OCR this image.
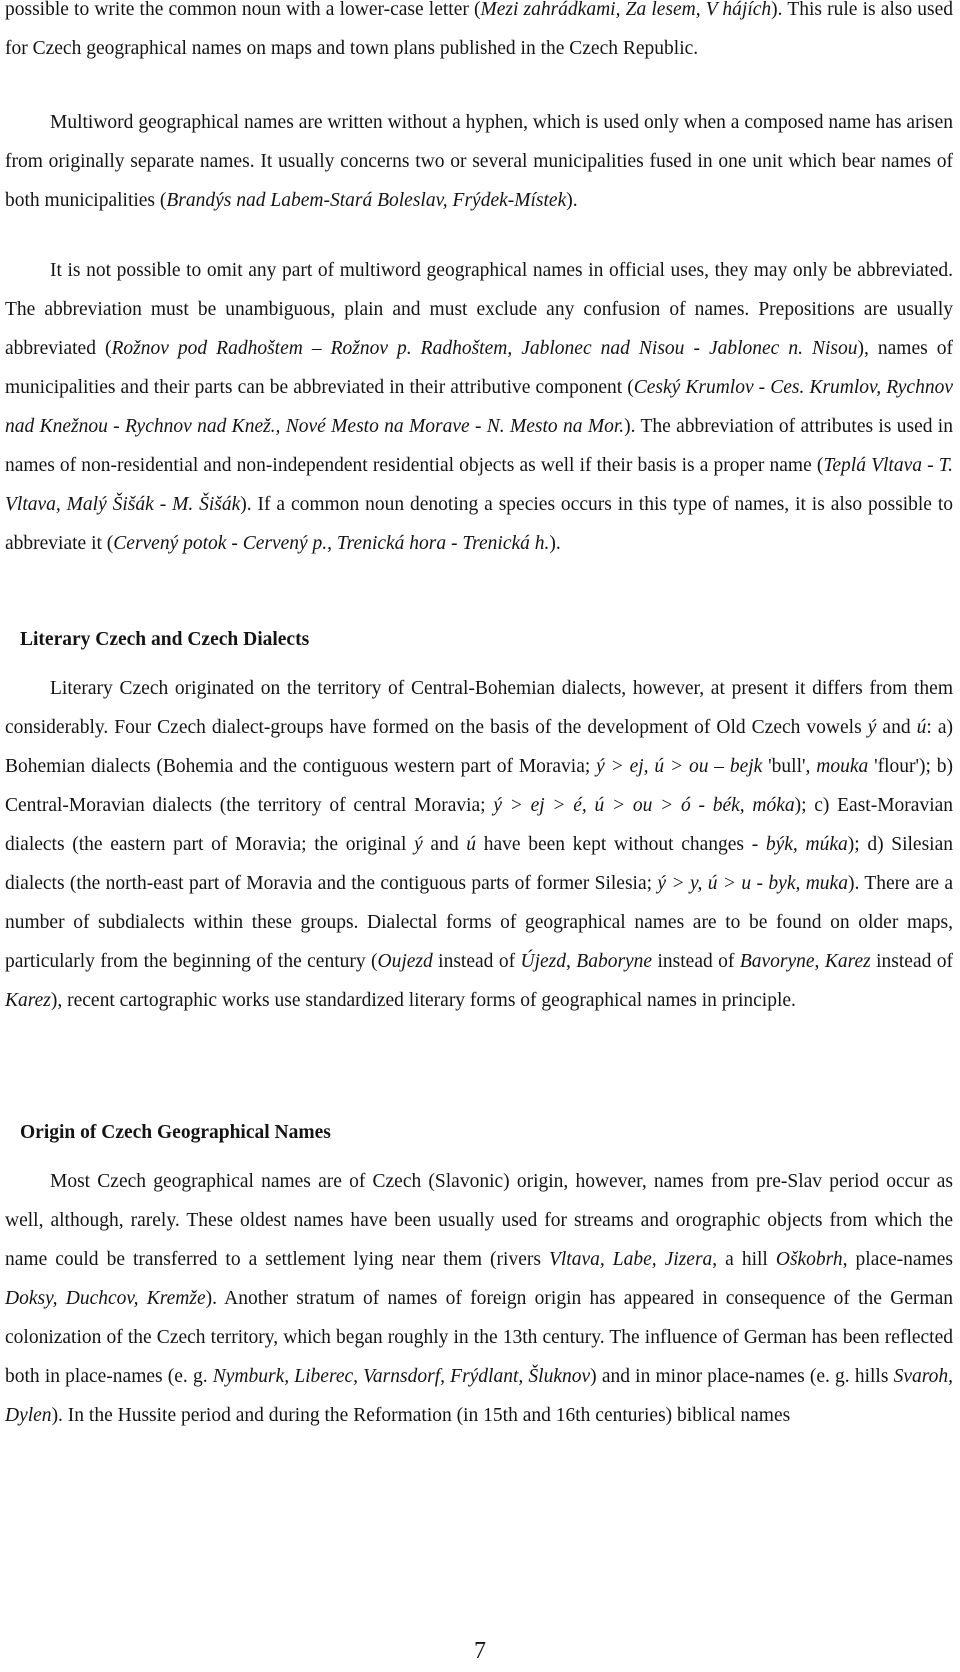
possible to write the common noun with a lower-case letter (Mezi zahrádkami, Za lesem, V hájích). This rule is also used for Czech geographical names on maps and town plans published in the Czech Republic.

Multiword geographical names are written without a hyphen, which is used only when a composed name has arisen from originally separate names. It usually concerns two or several municipalities fused in one unit which bear names of both municipalities (Brandýs nad Labem-Stará Boleslav, Frýdek-Místek).

It is not possible to omit any part of multiword geographical names in official uses, they may only be abbreviated. The abbreviation must be unambiguous, plain and must exclude any confusion of names. Prepositions are usually abbreviated (Rožnov pod Radhoštem – Rožnov p. Radhoštem, Jablonec nad Nisou - Jablonec n. Nisou), names of municipalities and their parts can be abbreviated in their attributive component (Ceský Krumlov - Ces. Krumlov, Rychnov nad Knežnou - Rychnov nad Knež., Nové Mesto na Morave - N. Mesto na Mor.). The abbreviation of attributes is used in names of non-residential and non-independent residential objects as well if their basis is a proper name (Teplá Vltava - T. Vltava, Malý Šišák - M. Šišák). If a common noun denoting a species occurs in this type of names, it is also possible to abbreviate it (Cervený potok - Cervený p., Trenická hora - Trenická h.).

Literary Czech and Czech Dialects

Literary Czech originated on the territory of Central-Bohemian dialects, however, at present it differs from them considerably. Four Czech dialect-groups have formed on the basis of the development of Old Czech vowels ý and ú: a) Bohemian dialects (Bohemia and the contiguous western part of Moravia; ý > ej, ú > ou – bejk 'bull', mouka 'flour'); b) Central-Moravian dialects (the territory of central Moravia; ý > ej > é, ú > ou > ó - bék, móka); c) East-Moravian dialects (the eastern part of Moravia; the original ý and ú have been kept without changes - býk, múka); d) Silesian dialects (the north-east part of Moravia and the contiguous parts of former Silesia; ý > y, ú > u - byk, muka). There are a number of subdialects within these groups. Dialectal forms of geographical names are to be found on older maps, particularly from the beginning of the century (Oujezd instead of Újezd, Baboryne instead of Bavoryne, Karez instead of Karez), recent cartographic works use standardized literary forms of geographical names in principle.

Origin of Czech Geographical Names

Most Czech geographical names are of Czech (Slavonic) origin, however, names from pre-Slav period occur as well, although, rarely. These oldest names have been usually used for streams and orographic objects from which the name could be transferred to a settlement lying near them (rivers Vltava, Labe, Jizera, a hill Oškobrh, place-names Doksy, Duchcov, Kremže). Another stratum of names of foreign origin has appeared in consequence of the German colonization of the Czech territory, which began roughly in the 13th century. The influence of German has been reflected both in place-names (e. g. Nymburk, Liberec, Varnsdorf, Frýdlant, Šluknov) and in minor place-names (e. g. hills Svaroh, Dylen). In the Hussite period and during the Reformation (in 15th and 16th centuries) biblical names

7
